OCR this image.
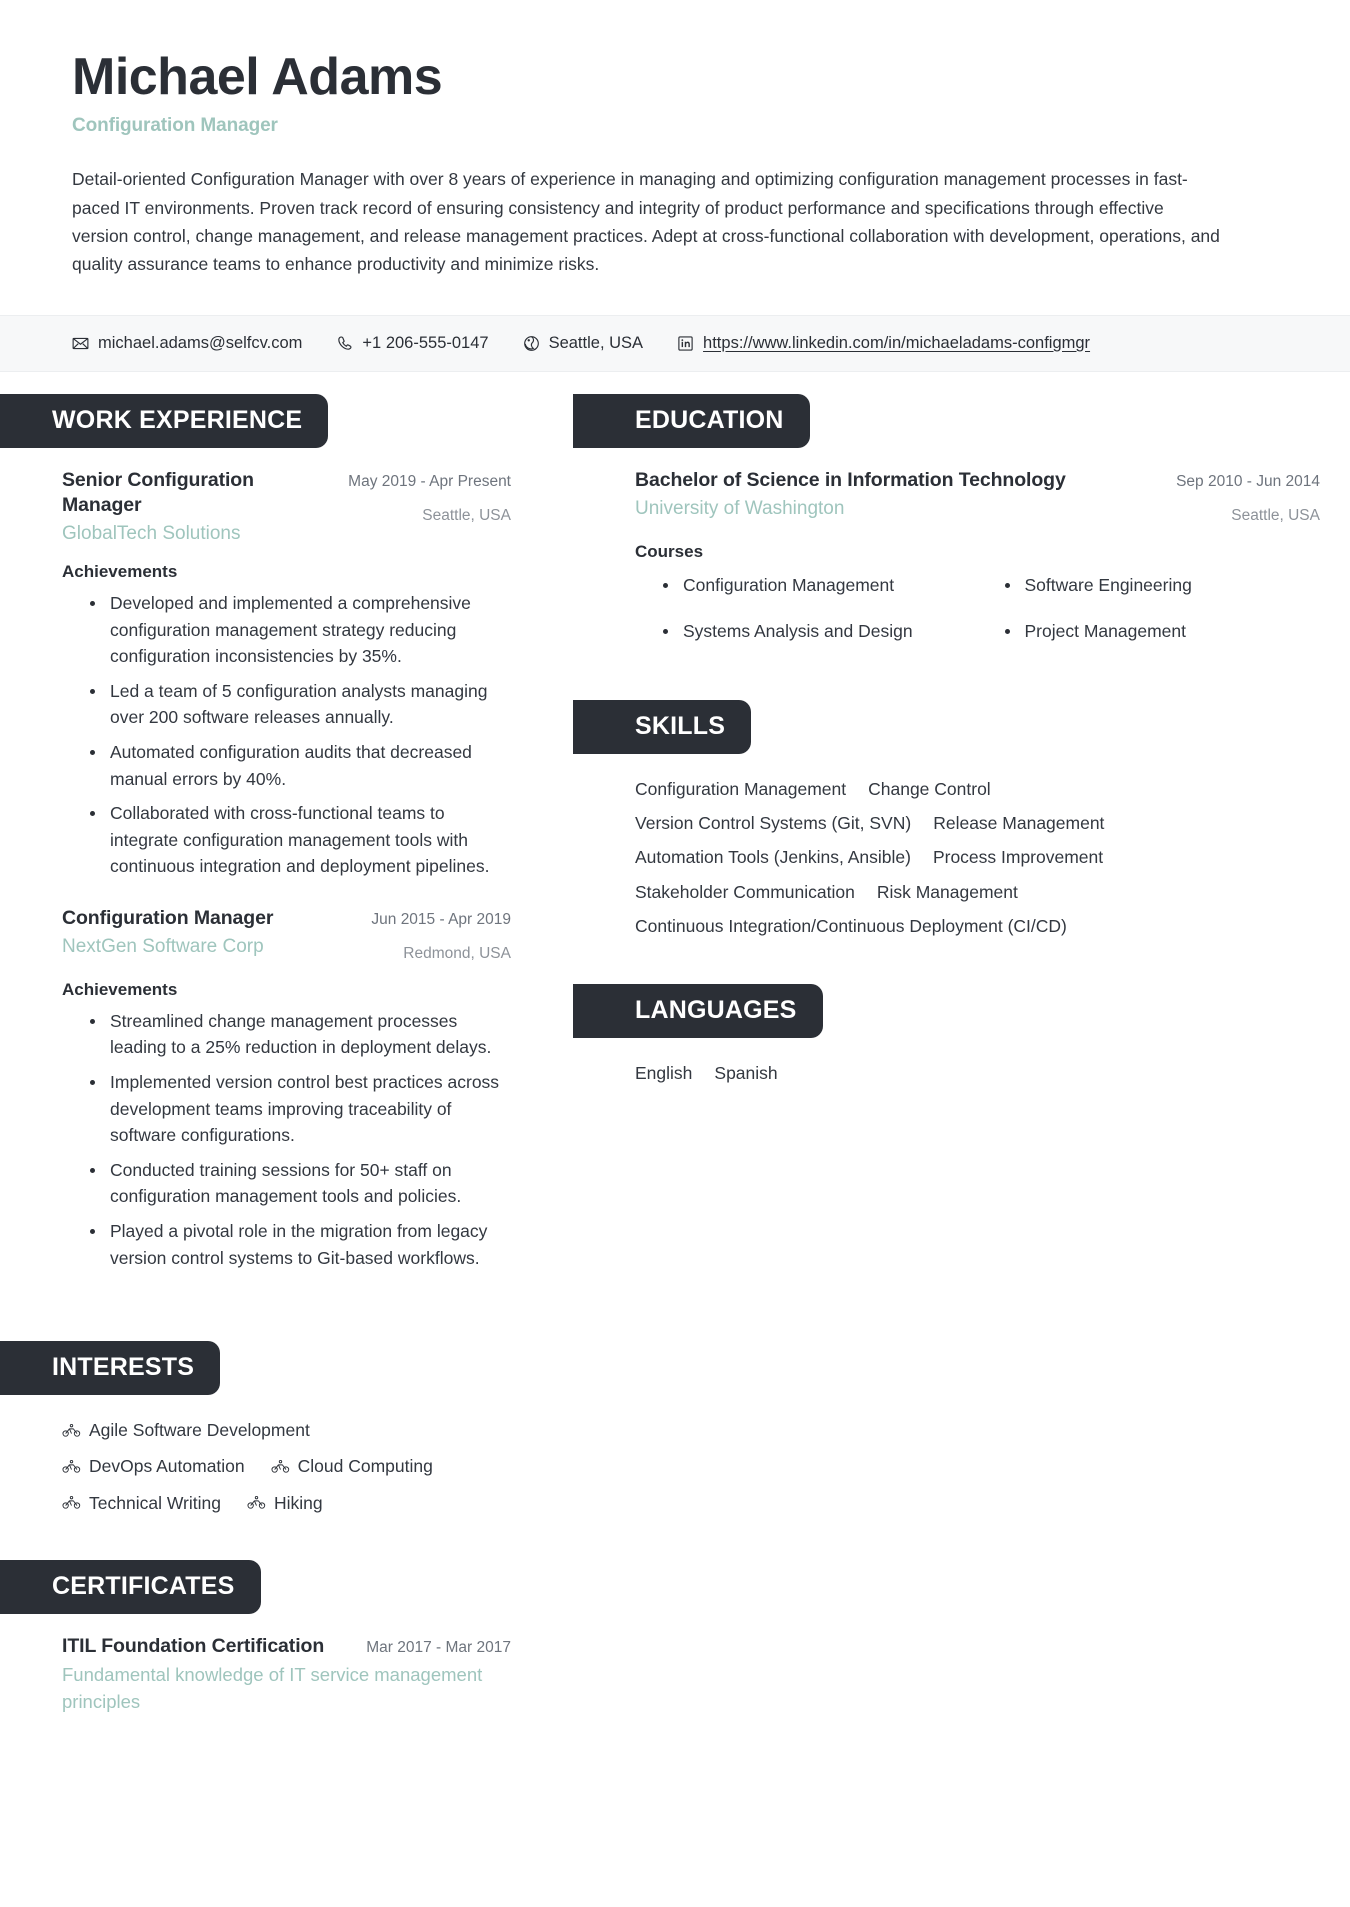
Michael Adams
Configuration Manager
Detail-oriented Configuration Manager with over 8 years of experience in managing and optimizing configuration management processes in fast-paced IT environments. Proven track record of ensuring consistency and integrity of product performance and specifications through effective version control, change management, and release management practices. Adept at cross-functional collaboration with development, operations, and quality assurance teams to enhance productivity and minimize risks.
michael.adams@selfcv.com	+1 206-555-0147	Seattle, USA	https://www.linkedin.com/in/michaeladams-configmgr
WORK EXPERIENCE
Senior Configuration Manager
GlobalTech Solutions
May 2019 - Apr Present
Seattle, USA
Achievements
Developed and implemented a comprehensive configuration management strategy reducing configuration inconsistencies by 35%.
Led a team of 5 configuration analysts managing over 200 software releases annually.
Automated configuration audits that decreased manual errors by 40%.
Collaborated with cross-functional teams to integrate configuration management tools with continuous integration and deployment pipelines.
Configuration Manager
NextGen Software Corp
Jun 2015 - Apr 2019
Redmond, USA
Achievements
Streamlined change management processes leading to a 25% reduction in deployment delays.
Implemented version control best practices across development teams improving traceability of software configurations.
Conducted training sessions for 50+ staff on configuration management tools and policies.
Played a pivotal role in the migration from legacy version control systems to Git-based workflows.
INTERESTS
Agile Software Development
DevOps Automation	Cloud Computing
Technical Writing	Hiking
CERTIFICATES
ITIL Foundation Certification	Mar 2017 - Mar 2017
Fundamental knowledge of IT service management principles
EDUCATION
Bachelor of Science in Information Technology
University of Washington
Sep 2010 - Jun 2014
Seattle, USA
Courses
Configuration Management	Software Engineering
Systems Analysis and Design	Project Management
SKILLS
Configuration Management Change Control
Version Control Systems (Git, SVN) Release Management
Automation Tools (Jenkins, Ansible) Process Improvement
Stakeholder Communication Risk Management
Continuous Integration/Continuous Deployment (CI/CD)
LANGUAGES
English Spanish
